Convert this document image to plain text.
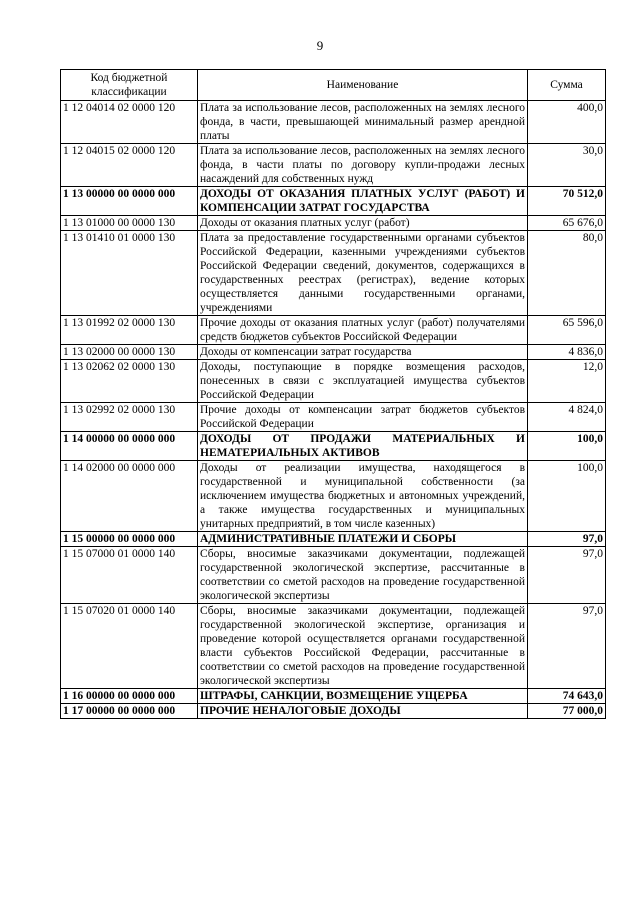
9
Код бюджетной классификации	Наименование	Сумма
1 12 04014 02 0000 120	Плата за использование лесов, расположенных на землях лесного фонда, в части, превышающей минимальный размер арендной платы	400,0
1 12 04015 02 0000 120	Плата за использование лесов, расположенных на землях лесного фонда, в части платы по договору купли-продажи лесных насаждений для собственных нужд	30,0
1 13 00000 00 0000 000	ДОХОДЫ ОТ ОКАЗАНИЯ ПЛАТНЫХ УСЛУГ (РАБОТ) И КОМПЕНСАЦИИ ЗАТРАТ ГОСУДАРСТВА	70 512,0
1 13 01000 00 0000 130	Доходы от оказания платных услуг (работ)	65 676,0
1 13 01410 01 0000 130	Плата за предоставление государственными органами субъектов Российской Федерации, казенными учреждениями субъектов Российской Федерации сведений, документов, содержащихся в государственных реестрах (регистрах), ведение которых осуществляется данными государственными органами, учреждениями	80,0
1 13 01992 02 0000 130	Прочие доходы от оказания платных услуг (работ) получателями средств бюджетов субъектов Российской Федерации	65 596,0
1 13 02000 00 0000 130	Доходы от компенсации затрат государства	4 836,0
1 13 02062 02 0000 130	Доходы, поступающие в порядке возмещения расходов, понесенных в связи с эксплуатацией имущества субъектов Российской Федерации	12,0
1 13 02992 02 0000 130	Прочие доходы от компенсации затрат бюджетов субъектов Российской Федерации	4 824,0
1 14 00000 00 0000 000	ДОХОДЫ ОТ ПРОДАЖИ МАТЕРИАЛЬНЫХ И НЕМАТЕРИАЛЬНЫХ АКТИВОВ	100,0
1 14 02000 00 0000 000	Доходы от реализации имущества, находящегося в государственной и муниципальной собственности (за исключением имущества бюджетных и автономных учреждений, а также имущества государственных и муниципальных унитарных предприятий, в том числе казенных)	100,0
1 15 00000 00 0000 000	АДМИНИСТРАТИВНЫЕ ПЛАТЕЖИ И СБОРЫ	97,0
1 15 07000 01 0000 140	Сборы, вносимые заказчиками документации, подлежащей государственной экологической экспертизе, рассчитанные в соответствии со сметой расходов на проведение государственной экологической экспертизы	97,0
1 15 07020 01 0000 140	Сборы, вносимые заказчиками документации, подлежащей государственной экологической экспертизе, организация и проведение которой осуществляется органами государственной власти субъектов Российской Федерации, рассчитанные в соответствии со сметой расходов на проведение государственной экологической экспертизы	97,0
1 16 00000 00 0000 000	ШТРАФЫ, САНКЦИИ, ВОЗМЕЩЕНИЕ УЩЕРБА	74 643,0
1 17 00000 00 0000 000	ПРОЧИЕ НЕНАЛОГОВЫЕ ДОХОДЫ	77 000,0
